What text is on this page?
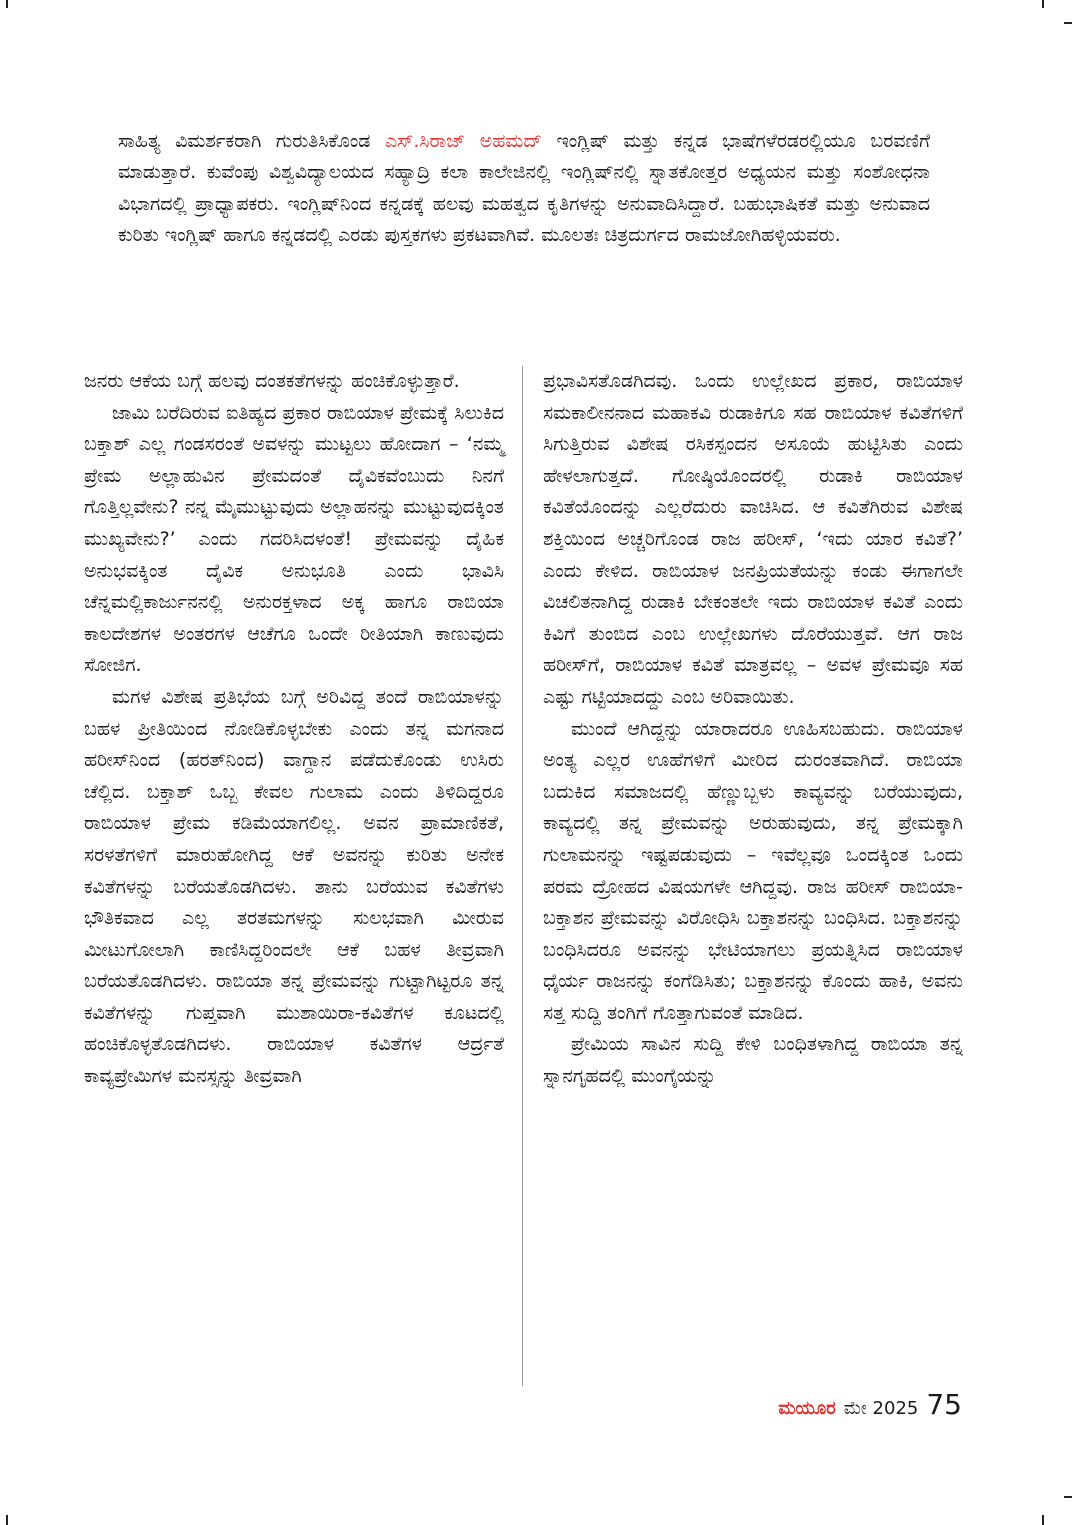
ಸಾಹಿತ್ಯ ವಿಮರ್ಶಕರಾಗಿ ಗುರುತಿಸಿಕೊಂಡ ಎಸ್.ಸಿರಾಜ್ ಅಹಮದ್ ಇಂಗ್ಲಿಷ್ ಮತ್ತು ಕನ್ನಡ ಭಾಷೆಗಳೆರಡರಲ್ಲಿಯೂ ಬರವಣಿಗೆ ಮಾಡುತ್ತಾರೆ. ಕುವೆಂಪು ವಿಶ್ವವಿದ್ಯಾಲಯದ ಸಹ್ಯಾದ್ರಿ ಕಲಾ ಕಾಲೇಜಿನಲ್ಲಿ ಇಂಗ್ಲಿಷ್‌ನಲ್ಲಿ ಸ್ನಾತಕೋತ್ತರ ಅಧ್ಯಯನ ಮತ್ತು ಸಂಶೋಧನಾ ವಿಭಾಗದಲ್ಲಿ ಪ್ರಾಧ್ಯಾಪಕರು. ಇಂಗ್ಲಿಷ್‌ನಿಂದ ಕನ್ನಡಕ್ಕೆ ಹಲವು ಮಹತ್ವದ ಕೃತಿಗಳನ್ನು ಅನುವಾದಿಸಿದ್ದಾರೆ. ಬಹುಭಾಷಿಕತೆ ಮತ್ತು ಅನುವಾದ ಕುರಿತು ಇಂಗ್ಲಿಷ್ ಹಾಗೂ ಕನ್ನಡದಲ್ಲಿ ಎರಡು ಪುಸ್ತಕಗಳು ಪ್ರಕಟವಾಗಿವೆ. ಮೂಲತಃ ಚಿತ್ರದುರ್ಗದ ರಾಮಜೋಗಿಹಳ್ಳಿಯವರು.

ಜನರು ಆಕೆಯ ಬಗ್ಗೆ ಹಲವು ದಂತಕತೆಗಳನ್ನು ಹಂಚಿಕೊಳ್ಳುತ್ತಾರೆ.

ಜಾಮಿ ಬರೆದಿರುವ ಐತಿಹ್ಯದ ಪ್ರಕಾರ ರಾಬಿಯಾಳ ಪ್ರೇಮಕ್ಕೆ ಸಿಲುಕಿದ ಬಕ್ತಾಶ್ ಎಲ್ಲ ಗಂಡಸರಂತೆ ಅವಳನ್ನು ಮುಟ್ಟಲು ಹೋದಾಗ – ‘ನಮ್ಮ ಪ್ರೇಮ ಅಲ್ಲಾಹುವಿನ ಪ್ರೇಮದಂತೆ ದೈವಿಕವೆಂಬುದು ನಿನಗೆ ಗೊತ್ತಿಲ್ಲವೇನು? ನನ್ನ ಮೈಮುಟ್ಟುವುದು ಅಲ್ಲಾಹನನ್ನು ಮುಟ್ಟುವುದಕ್ಕಿಂತ ಮುಖ್ಯವೇನು?’ ಎಂದು ಗದರಿಸಿದಳಂತೆ! ಪ್ರೇಮವನ್ನು ದೈಹಿಕ ಅನುಭವಕ್ಕಿಂತ ದೈವಿಕ ಅನುಭೂತಿ ಎಂದು ಭಾವಿಸಿ ಚೆನ್ನಮಲ್ಲಿಕಾರ್ಜುನನಲ್ಲಿ ಅನುರಕ್ತಳಾದ ಅಕ್ಕ ಹಾಗೂ ರಾಬಿಯಾ ಕಾಲದೇಶಗಳ ಅಂತರಗಳ ಆಚೆಗೂ ಒಂದೇ ರೀತಿಯಾಗಿ ಕಾಣುವುದು ಸೋಜಿಗ.

ಮಗಳ ವಿಶೇಷ ಪ್ರತಿಭೆಯ ಬಗ್ಗೆ ಅರಿವಿದ್ದ ತಂದೆ ರಾಬಿಯಾಳನ್ನು ಬಹಳ ಪ್ರೀತಿಯಿಂದ ನೋಡಿಕೊಳ್ಳಬೇಕು ಎಂದು ತನ್ನ ಮಗನಾದ ಹರೀಸ್‌ನಿಂದ (ಹರತ್‌ನಿಂದ) ವಾಗ್ದಾನ ಪಡೆದುಕೊಂಡು ಉಸಿರು ಚೆಲ್ಲಿದ. ಬಕ್ತಾಶ್ ಒಬ್ಬ ಕೇವಲ ಗುಲಾಮ ಎಂದು ತಿಳಿದಿದ್ದರೂ ರಾಬಿಯಾಳ ಪ್ರೇಮ ಕಡಿಮೆಯಾಗಲಿಲ್ಲ. ಅವನ ಪ್ರಾಮಾಣಿಕತೆ, ಸರಳತೆಗಳಿಗೆ ಮಾರುಹೋಗಿದ್ದ ಆಕೆ ಅವನನ್ನು ಕುರಿತು ಅನೇಕ ಕವಿತೆಗಳನ್ನು ಬರೆಯತೊಡಗಿದಳು. ತಾನು ಬರೆಯುವ ಕವಿತೆಗಳು ಭೌತಿಕವಾದ ಎಲ್ಲ ತರತಮಗಳನ್ನು ಸುಲಭವಾಗಿ ಮೀರುವ ಮೀಟುಗೋಲಾಗಿ ಕಾಣಿಸಿದ್ದರಿಂದಲೇ ಆಕೆ ಬಹಳ ತೀವ್ರವಾಗಿ ಬರೆಯತೊಡಗಿದಳು. ರಾಬಿಯಾ ತನ್ನ ಪ್ರೇಮವನ್ನು ಗುಟ್ಟಾಗಿಟ್ಟರೂ ತನ್ನ ಕವಿತೆಗಳನ್ನು ಗುಪ್ತವಾಗಿ ಮುಶಾಯಿರಾ-ಕವಿತೆಗಳ ಕೂಟದಲ್ಲಿ ಹಂಚಿಕೊಳ್ಳತೊಡಗಿದಳು. ರಾಬಿಯಾಳ ಕವಿತೆಗಳ ಆರ್ದ್ರತೆ ಕಾವ್ಯಪ್ರೇಮಿಗಳ ಮನಸ್ಸನ್ನು ತೀವ್ರವಾಗಿ

ಪ್ರಭಾವಿಸತೊಡಗಿದವು. ಒಂದು ಉಲ್ಲೇಖದ ಪ್ರಕಾರ, ರಾಬಿಯಾಳ ಸಮಕಾಲೀನನಾದ ಮಹಾಕವಿ ರುಡಾಕಿಗೂ ಸಹ ರಾಬಿಯಾಳ ಕವಿತೆಗಳಿಗೆ ಸಿಗುತ್ತಿರುವ ವಿಶೇಷ ರಸಿಕಸ್ಪಂದನ ಅಸೂಯೆ ಹುಟ್ಟಿಸಿತು ಎಂದು ಹೇಳಲಾಗುತ್ತದೆ. ಗೋಷ್ಠಿಯೊಂದರಲ್ಲಿ ರುಡಾಕಿ ರಾಬಿಯಾಳ ಕವಿತೆಯೊಂದನ್ನು ಎಲ್ಲರೆದುರು ವಾಚಿಸಿದ. ಆ ಕವಿತೆಗಿರುವ ವಿಶೇಷ ಶಕ್ತಿಯಿಂದ ಅಚ್ಚರಿಗೊಂಡ ರಾಜ ಹರೀಸ್, ‘ಇದು ಯಾರ ಕವಿತೆ?’ ಎಂದು ಕೇಳಿದ. ರಾಬಿಯಾಳ ಜನಪ್ರಿಯತೆಯನ್ನು ಕಂಡು ಈಗಾಗಲೇ ವಿಚಲಿತನಾಗಿದ್ದ ರುಡಾಕಿ ಬೇಕಂತಲೇ ಇದು ರಾಬಿಯಾಳ ಕವಿತೆ ಎಂದು ಕಿವಿಗೆ ತುಂಬಿದ ಎಂಬ ಉಲ್ಲೇಖಗಳು ದೊರೆಯುತ್ತವೆ. ಆಗ ರಾಜ ಹರೀಸ್‌ಗೆ, ರಾಬಿಯಾಳ ಕವಿತೆ ಮಾತ್ರವಲ್ಲ – ಅವಳ ಪ್ರೇಮವೂ ಸಹ ಎಷ್ಟು ಗಟ್ಟಿಯಾದದ್ದು ಎಂಬ ಅರಿವಾಯಿತು.

ಮುಂದೆ ಆಗಿದ್ದನ್ನು ಯಾರಾದರೂ ಊಹಿಸಬಹುದು. ರಾಬಿಯಾಳ ಅಂತ್ಯ ಎಲ್ಲರ ಊಹೆಗಳಿಗೆ ಮೀರಿದ ದುರಂತವಾಗಿದೆ. ರಾಬಿಯಾ ಬದುಕಿದ ಸಮಾಜದಲ್ಲಿ ಹೆಣ್ಣುಬ್ಬಳು ಕಾವ್ಯವನ್ನು ಬರೆಯುವುದು, ಕಾವ್ಯದಲ್ಲಿ ತನ್ನ ಪ್ರೇಮವನ್ನು ಅರುಹುವುದು, ತನ್ನ ಪ್ರೇಮಕ್ಕಾಗಿ ಗುಲಾಮನನ್ನು ಇಷ್ಟಪಡುವುದು – ಇವೆಲ್ಲವೂ ಒಂದಕ್ಕಿಂತ ಒಂದು ಪರಮ ದ್ರೋಹದ ವಿಷಯಗಳೇ ಆಗಿದ್ದವು. ರಾಜ ಹರೀಸ್ ರಾಬಿಯಾ-ಬಕ್ತಾಶನ ಪ್ರೇಮವನ್ನು ವಿರೋಧಿಸಿ ಬಕ್ತಾಶನನ್ನು ಬಂಧಿಸಿದ. ಬಕ್ತಾಶನನ್ನು ಬಂಧಿಸಿದರೂ ಅವನನ್ನು ಭೇಟಿಯಾಗಲು ಪ್ರಯತ್ನಿಸಿದ ರಾಬಿಯಾಳ ಧೈರ್ಯ ರಾಜನನ್ನು ಕಂಗೆಡಿಸಿತು; ಬಕ್ತಾಶನನ್ನು ಕೊಂದು ಹಾಕಿ, ಅವನು ಸತ್ತ ಸುದ್ದಿ ತಂಗಿಗೆ ಗೊತ್ತಾಗುವಂತೆ ಮಾಡಿದ.

ಪ್ರೇಮಿಯ ಸಾವಿನ ಸುದ್ದಿ ಕೇಳಿ ಬಂಧಿತಳಾಗಿದ್ದ ರಾಬಿಯಾ ತನ್ನ ಸ್ನಾನಗೃಹದಲ್ಲಿ ಮುಂಗೈಯನ್ನು

ಮಯೂರ ಮೇ 2025 75
